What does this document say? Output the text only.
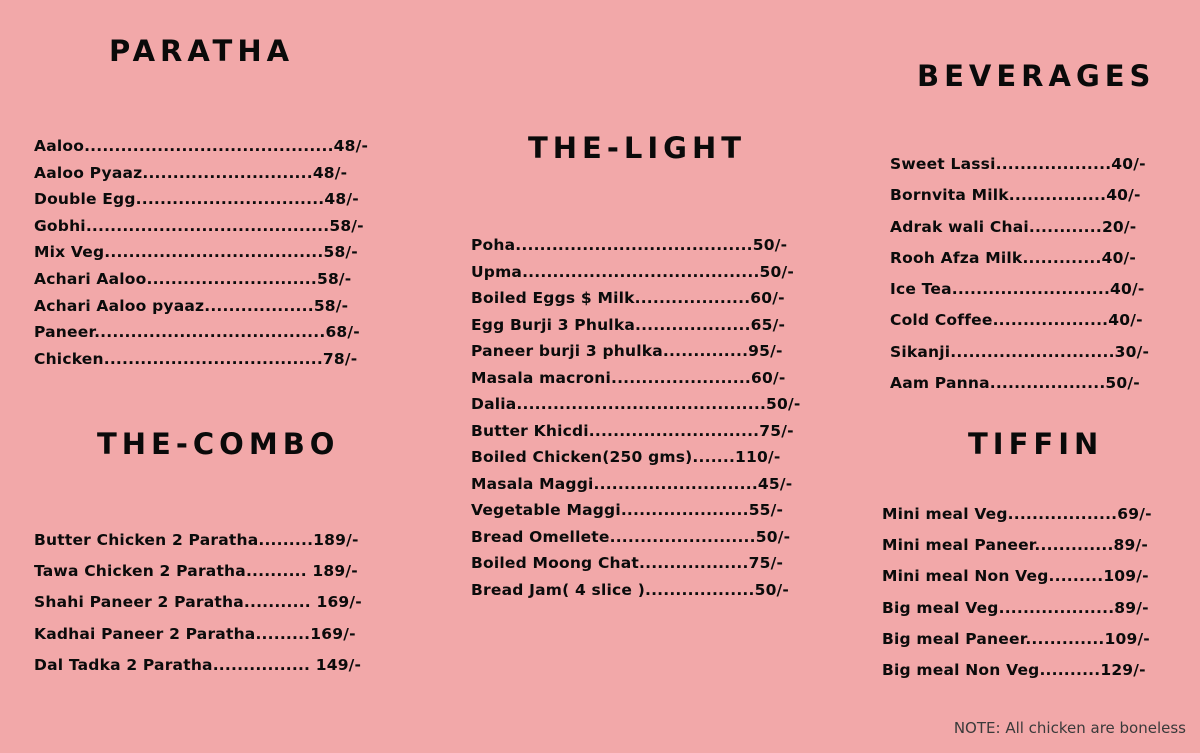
PARATHA
Aaloo.........................................48/-
Aaloo Pyaaz............................48/-
Double Egg...............................48/-
Gobhi........................................58/-
Mix Veg....................................58/-
Achari Aaloo............................58/-
Achari Aaloo pyaaz..................58/-
Paneer......................................68/-
Chicken....................................78/-
THE-COMBO
Butter Chicken 2 Paratha.........189/-
Tawa Chicken 2 Paratha.......... 189/-
Shahi Paneer 2 Paratha........... 169/-
Kadhai Paneer 2 Paratha.........169/-
Dal Tadka 2 Paratha................ 149/-
THE-LIGHT
Poha.......................................50/-
Upma.......................................50/-
Boiled Eggs $ Milk...................60/-
Egg Burji 3 Phulka...................65/-
Paneer burji 3 phulka..............95/-
Masala macroni.......................60/-
Dalia.........................................50/-
Butter Khicdi............................75/-
Boiled Chicken(250 gms).......110/-
Masala Maggi...........................45/-
Vegetable Maggi.....................55/-
Bread Omellete........................50/-
Boiled Moong Chat..................75/-
Bread Jam( 4 slice )..................50/-
BEVERAGES
Sweet Lassi...................40/-
Bornvita Milk................40/-
Adrak wali Chai............20/-
Rooh Afza Milk.............40/-
Ice Tea..........................40/-
Cold Coffee...................40/-
Sikanji...........................30/-
Aam Panna...................50/-
TIFFIN
Mini meal Veg..................69/-
Mini meal Paneer.............89/-
Mini meal Non Veg.........109/-
Big meal Veg...................89/-
Big meal Paneer.............109/-
Big meal Non Veg..........129/-
NOTE: All chicken are boneless
